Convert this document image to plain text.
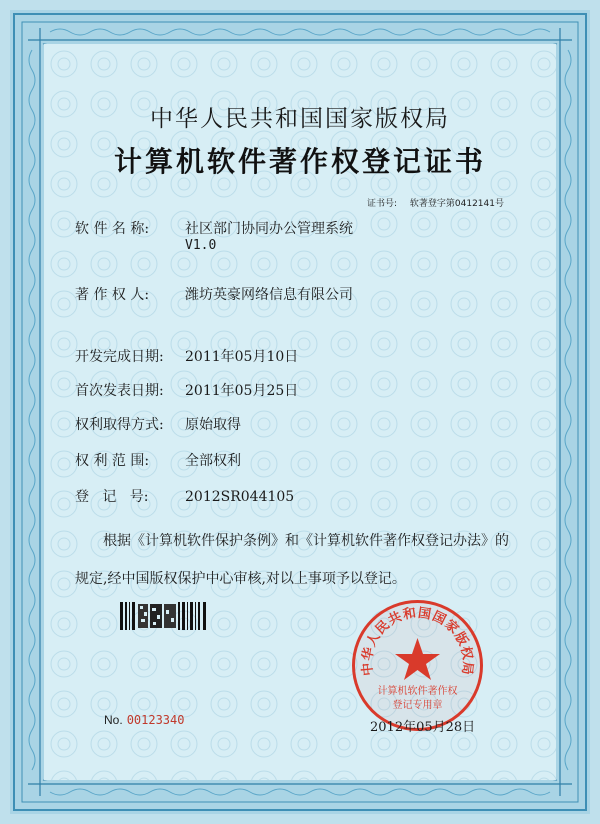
中华人民共和国国家版权局
计算机软件著作权登记证书
证书号: 软著登字第0412141号
软 件 名 称:	社区部门协同办公管理系统
V1.0
著 作 权 人:	潍坊英豪网络信息有限公司
开发完成日期: 2011年05月10日
首次发表日期: 2011年05月25日
权利取得方式: 原始取得
权 利 范 围:	全部权利
登   记   号:	2012SR044105

根据《计算机软件保护条例》和《计算机软件著作权登记办法》的

规定,经中国版权保护中心审核,对以上事项予以登记。

中华人民共和国国家版权局
计算机软件著作权
登记专用章
No. 00123340	2012年05月28日
